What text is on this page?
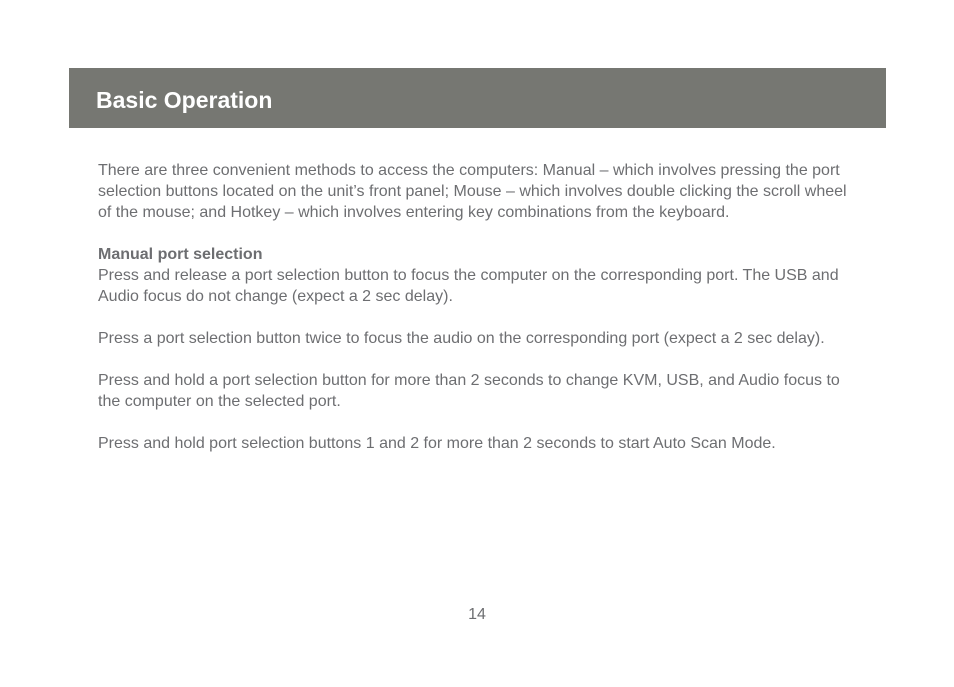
Basic Operation

There are three convenient methods to access the computers: Manual – which involves pressing the port selection buttons located on the unit’s front panel; Mouse – which involves double clicking the scroll wheel of the mouse; and Hotkey – which involves entering key combinations from the keyboard.

Manual port selection

Press and release a port selection button to focus the computer on the corresponding port. The USB and Audio focus do not change (expect a 2 sec delay).

Press a port selection button twice to focus the audio on the corresponding port (expect a 2 sec delay).

Press and hold a port selection button for more than 2 seconds to change KVM, USB, and Audio focus to the computer on the selected port.

Press and hold port selection buttons 1 and 2 for more than 2 seconds to start Auto Scan Mode.

14
